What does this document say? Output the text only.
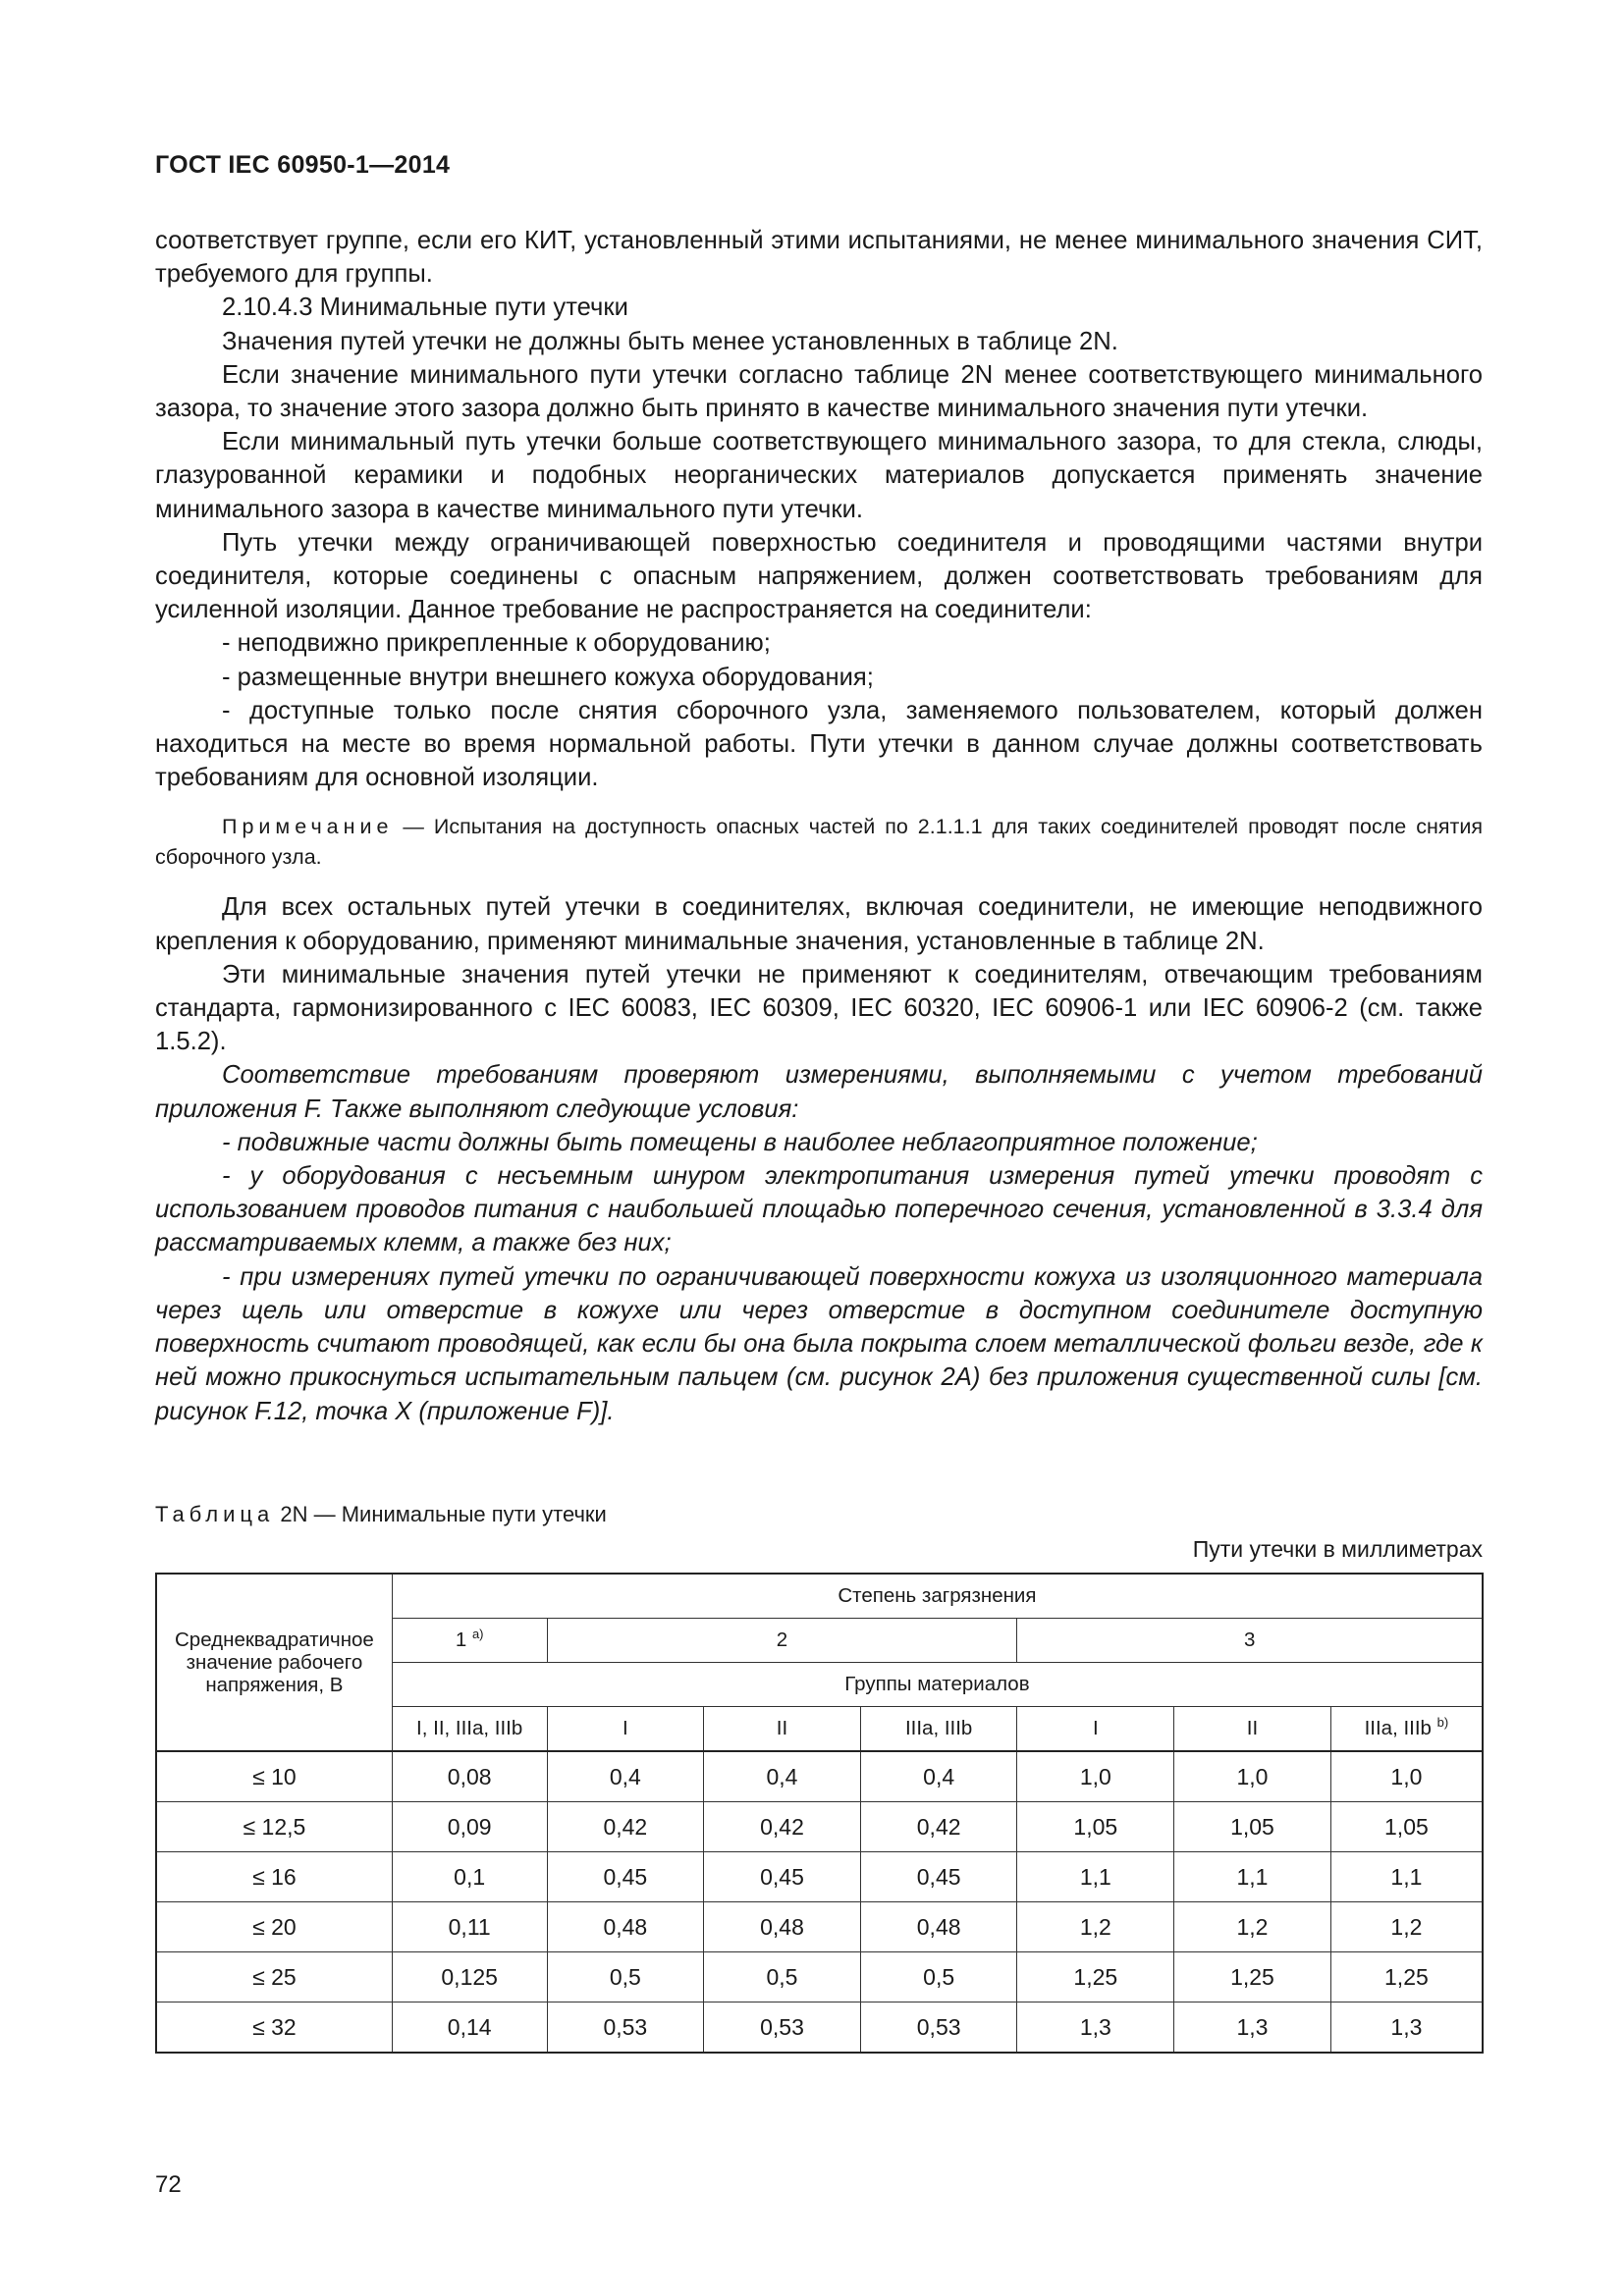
ГОСТ IEC 60950-1—2014

соответствует группе, если его КИТ, установленный этими испытаниями, не менее минимального значения СИТ, требуемого для группы.

2.10.4.3 Минимальные пути утечки

Значения путей утечки не должны быть менее установленных в таблице 2N.

Если значение минимального пути утечки согласно таблице 2N менее соответствующего минимального зазора, то значение этого зазора должно быть принято в качестве минимального значения пути утечки.

Если минимальный путь утечки больше соответствующего минимального зазора, то для стекла, слюды, глазурованной керамики и подобных неорганических материалов допускается применять значение минимального зазора в качестве минимального пути утечки.

Путь утечки между ограничивающей поверхностью соединителя и проводящими частями внутри соединителя, которые соединены с опасным напряжением, должен соответствовать требованиям для усиленной изоляции. Данное требование не распространяется на соединители:

- неподвижно прикрепленные к оборудованию;

- размещенные внутри внешнего кожуха оборудования;

- доступные только после снятия сборочного узла, заменяемого пользователем, который должен находиться на месте во время нормальной работы. Пути утечки в данном случае должны соответствовать требованиям для основной изоляции.

Примечание — Испытания на доступность опасных частей по 2.1.1.1 для таких соединителей проводят после снятия сборочного узла.

Для всех остальных путей утечки в соединителях, включая соединители, не имеющие неподвижного крепления к оборудованию, применяют минимальные значения, установленные в таблице 2N.

Эти минимальные значения путей утечки не применяют к соединителям, отвечающим требованиям стандарта, гармонизированного с IEC 60083, IEC 60309, IEC 60320, IEC 60906-1 или IEC 60906-2 (см. также 1.5.2).

Соответствие требованиям проверяют измерениями, выполняемыми с учетом требований приложения F. Также выполняют следующие условия:

- подвижные части должны быть помещены в наиболее неблагоприятное положение;

- у оборудования с несъемным шнуром электропитания измерения путей утечки проводят с использованием проводов питания с наибольшей площадью поперечного сечения, установленной в 3.3.4 для рассматриваемых клемм, а также без них;

- при измерениях путей утечки по ограничивающей поверхности кожуха из изоляционного материала через щель или отверстие в кожухе или через отверстие в доступном соединителе доступную поверхность считают проводящей, как если бы она была покрыта слоем металлической фольги везде, где к ней можно прикоснуться испытательным пальцем (см. рисунок 2А) без приложения существенной силы [см. рисунок F.12, точка X (приложение F)].

Таблица 2N — Минимальные пути утечки
Пути утечки в миллиметрах
Среднеквадратичное значение рабочего напряжения, В	Степень загрязнения						
	1 $^{a)}$	2			3		
	Группы материалов						
	I, II, IIIa, IIIb	I	II	IIIa, IIIb	I	II	IIIa, IIIb $^{b)}$
≤ 10	0,08	0,4	0,4	0,4	1,0	1,0	1,0
≤ 12,5	0,09	0,42	0,42	0,42	1,05	1,05	1,05
≤ 16	0,1	0,45	0,45	0,45	1,1	1,1	1,1
≤ 20	0,11	0,48	0,48	0,48	1,2	1,2	1,2
≤ 25	0,125	0,5	0,5	0,5	1,25	1,25	1,25
≤ 32	0,14	0,53	0,53	0,53	1,3	1,3	1,3
72
